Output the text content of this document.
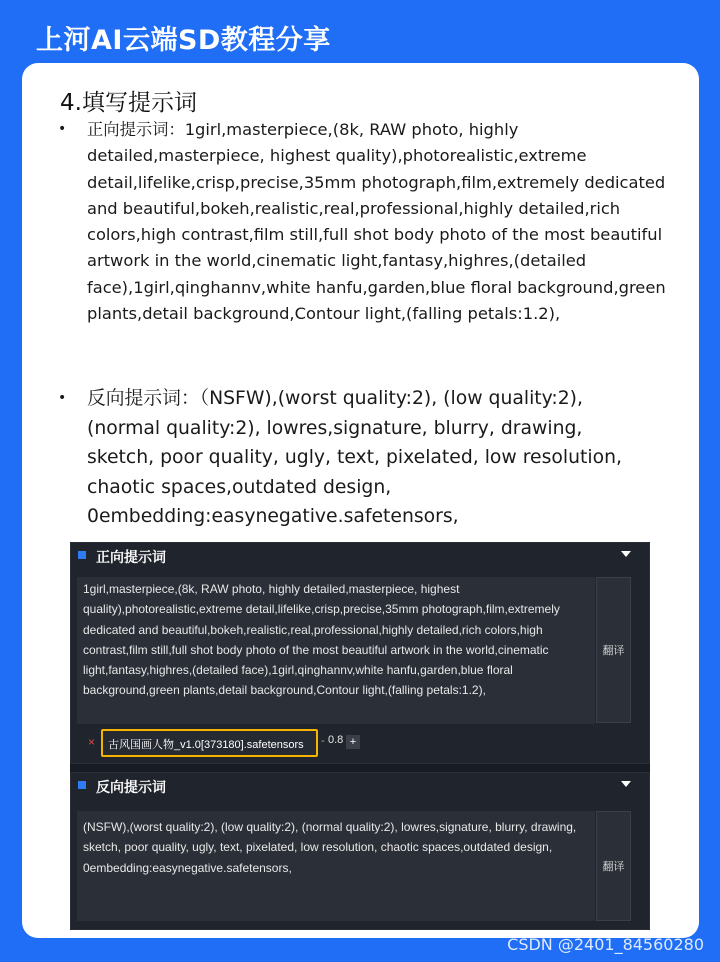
上河AI云端SD教程分享
4.填写提示词
• 正向提示词：1girl,masterpiece,(8k, RAW photo, highly detailed,masterpiece, highest quality),photorealistic,extreme detail,lifelike,crisp,precise,35mm photograph,film,extremely dedicated and beautiful,bokeh,realistic,real,professional,highly detailed,rich colors,high contrast,film still,full shot body photo of the most beautiful artwork in the world,cinematic light,fantasy,highres,(detailed face),1girl,qinghannv,white hanfu,garden,blue floral background,green plants,detail background,Contour light,(falling petals:1.2),
• 反向提示词：（NSFW),(worst quality:2), (low quality:2), (normal quality:2), lowres,signature, blurry, drawing, sketch, poor quality, ugly, text, pixelated, low resolution, chaotic spaces,outdated design, 0embedding:easynegative.safetensors,
正向提示词
1girl,masterpiece,(8k, RAW photo, highly detailed,masterpiece, highest quality),photorealistic,extreme detail,lifelike,crisp,precise,35mm photograph,film,extremely dedicated and beautiful,bokeh,realistic,real,professional,highly detailed,rich colors,high contrast,film still,full shot body photo of the most beautiful artwork in the world,cinematic light,fantasy,highres,(detailed face),1girl,qinghannv,white hanfu,garden,blue floral background,green plants,detail background,Contour light,(falling petals:1.2),
翻译
× 古风国画人物_v1.0[373180].safetensors - 0.8 +
反向提示词
(NSFW),(worst quality:2), (low quality:2), (normal quality:2), lowres,signature, blurry, drawing, sketch, poor quality, ugly, text, pixelated, low resolution, chaotic spaces,outdated design, 0embedding:easynegative.safetensors,	翻译
CSDN @2401_84560280
